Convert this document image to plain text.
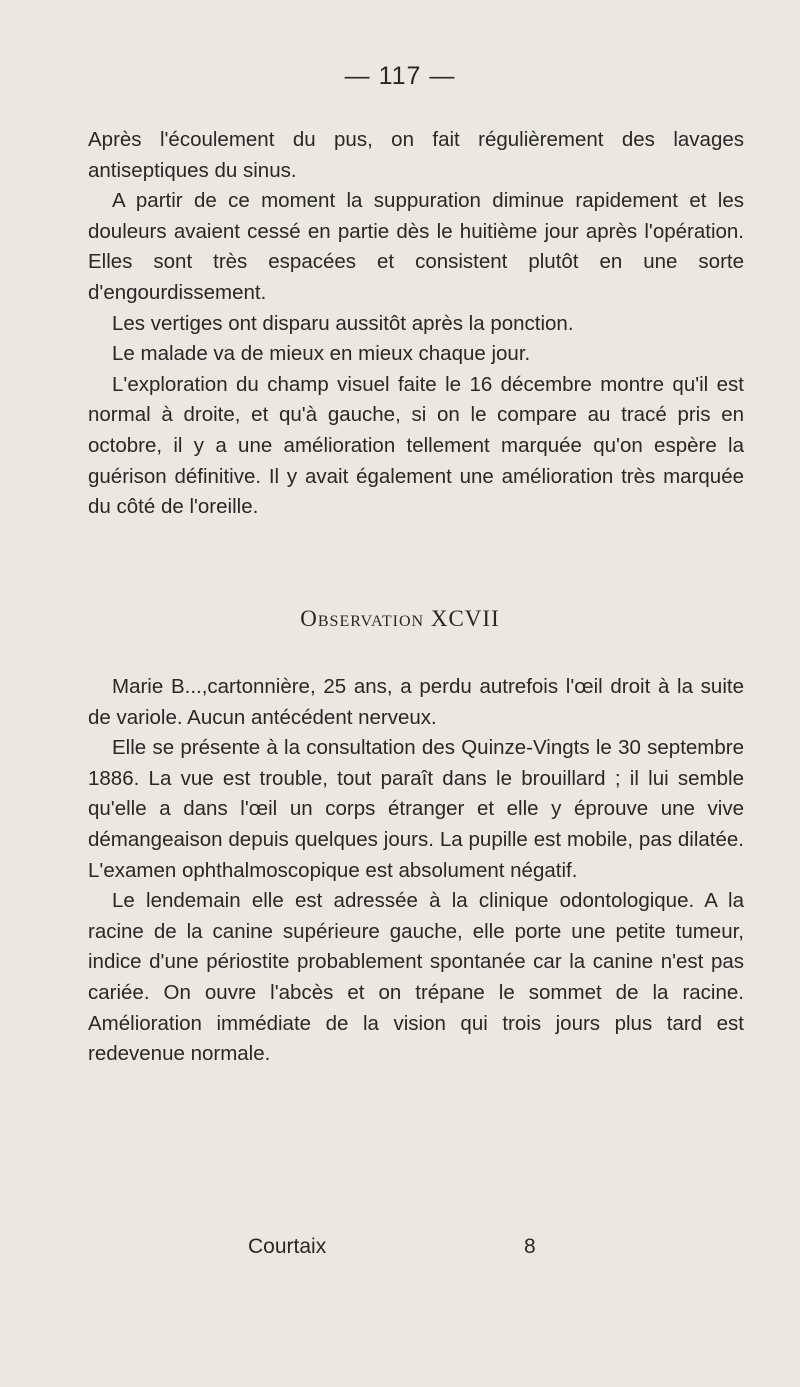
— 117 —

Après l'écoulement du pus, on fait régulièrement des lavages antiseptiques du sinus.

A partir de ce moment la suppuration diminue rapidement et les douleurs avaient cessé en partie dès le huitième jour après l'opération. Elles sont très espacées et consistent plutôt en une sorte d'engourdissement.

Les vertiges ont disparu aussitôt après la ponction.

Le malade va de mieux en mieux chaque jour.

L'exploration du champ visuel faite le 16 décembre montre qu'il est normal à droite, et qu'à gauche, si on le compare au tracé pris en octobre, il y a une amélioration tellement marquée qu'on espère la guérison définitive. Il y avait également une amélioration très marquée du côté de l'oreille.

Observation XCVII

Marie B...,cartonnière, 25 ans, a perdu autrefois l'œil droit à la suite de variole. Aucun antécédent nerveux.

Elle se présente à la consultation des Quinze-Vingts le 30 septembre 1886. La vue est trouble, tout paraît dans le brouillard ; il lui semble qu'elle a dans l'œil un corps étranger et elle y éprouve une vive démangeaison depuis quelques jours. La pupille est mobile, pas dilatée. L'examen ophthalmoscopique est absolument négatif.

Le lendemain elle est adressée à la clinique odontologique. A la racine de la canine supérieure gauche, elle porte une petite tumeur, indice d'une périostite probablement spontanée car la canine n'est pas cariée. On ouvre l'abcès et on trépane le sommet de la racine. Amélioration immédiate de la vision qui trois jours plus tard est redevenue normale.

Courtaix	8
